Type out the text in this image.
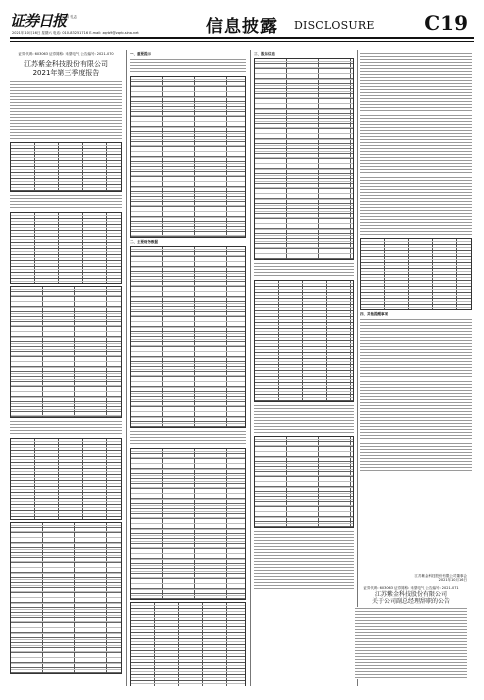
证券日报
编辑 孔志
2021年10月16日 星期六 电话: 010-83251716 E-mail: zqrb9@zqrb.sina.net	信息披露 DISCLOSURE C19
证券代码: 603063 证券简称: 禾望电气 公告编号: 2021-070
江苏紫金科技股份有限公司
2021年第三季度报告
一、重要提示
二、主要财务数据
三、股东信息
四、其他提醒事项
江苏紫金科技股份有限公司董事会
2021年10月16日
证券代码: 603063 证券简称: 禾望电气 公告编号: 2021-071
江苏紫金科技股份有限公司
关于公司副总经理辞职的公告
